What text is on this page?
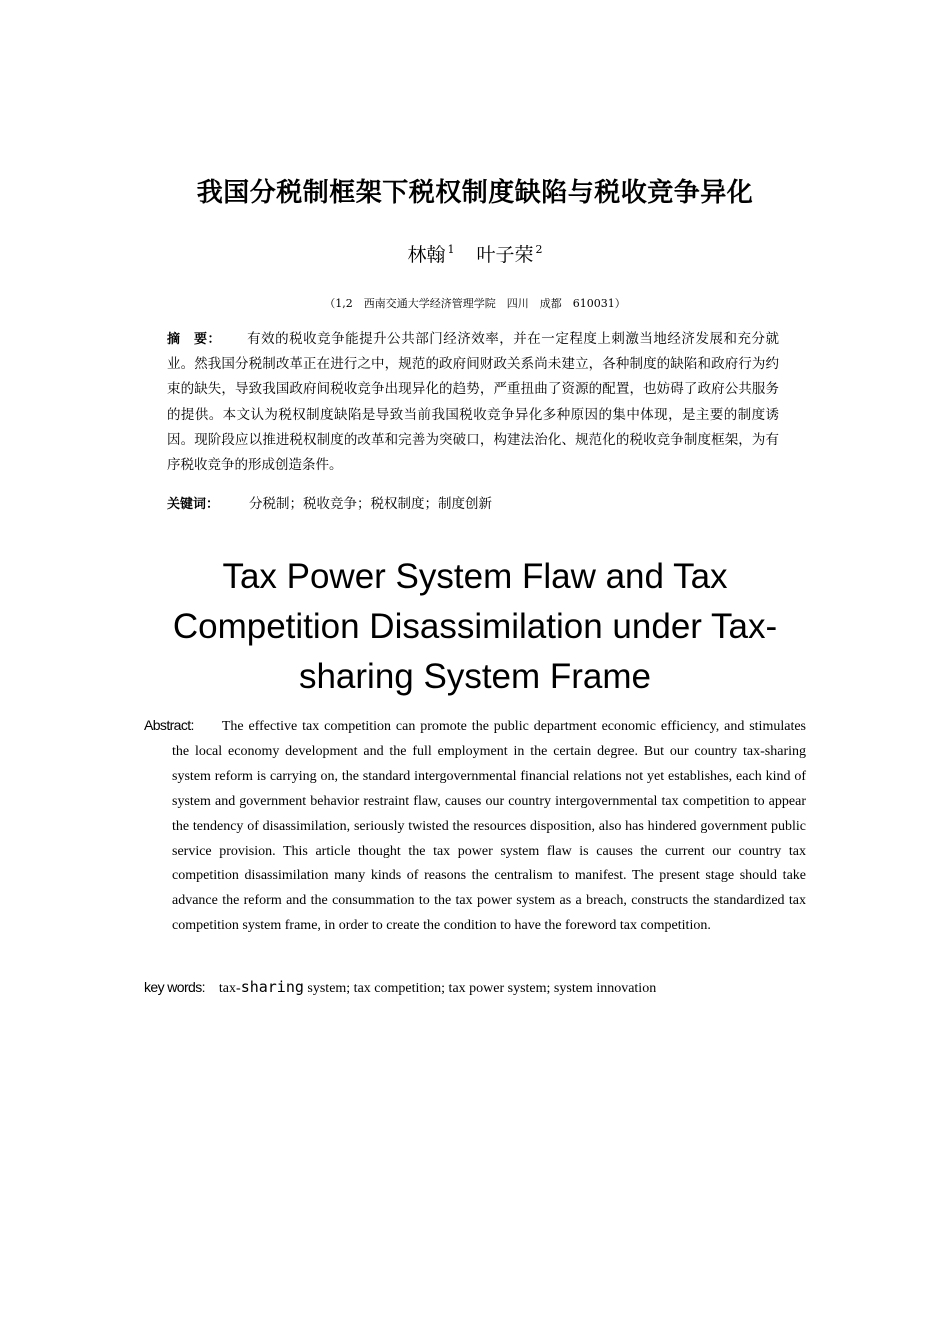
我国分税制框架下税权制度缺陷与税收竞争异化
林翰 $^1$ 叶子荣 $^2$
（1,2　西南交通大学经济管理学院　四川　成都　610031）
摘　要： 有效的税收竞争能提升公共部门经济效率，并在一定程度上刺激当地经济发展和充分就业。然我国分税制改革正在进行之中，规范的政府间财政关系尚未建立，各种制度的缺陷和政府行为约束的缺失，导致我国政府间税收竞争出现异化的趋势，严重扭曲了资源的配置，也妨碍了政府公共服务的提供。本文认为税权制度缺陷是导致当前我国税收竞争异化多种原因的集中体现，是主要的制度诱因。现阶段应以推进税权制度的改革和完善为突破口，构建法治化、规范化的税收竞争制度框架，为有序税收竞争的形成创造条件。
关键词： 分税制；税收竞争；税权制度；制度创新
Tax Power System Flaw and Tax
Competition Disassimilation under Tax-
sharing System Frame
Abstract: The effective tax competition can promote the public department economic efficiency, and stimulates the local economy development and the full employment in the certain degree. But our country tax-sharing system reform is carrying on, the standard intergovernmental financial relations not yet establishes, each kind of system and government behavior restraint flaw, causes our country intergovernmental tax competition to appear the tendency of disassimilation, seriously twisted the resources disposition, also has hindered government public service provision. This article thought the tax power system flaw is causes the current our country tax competition disassimilation many kinds of reasons the centralism to manifest. The present stage should take advance the reform and the consummation to the tax power system as a breach, constructs the standardized tax competition system frame, in order to create the condition to have the foreword tax competition.
key words: tax-sharing system; tax competition; tax power system; system innovation
